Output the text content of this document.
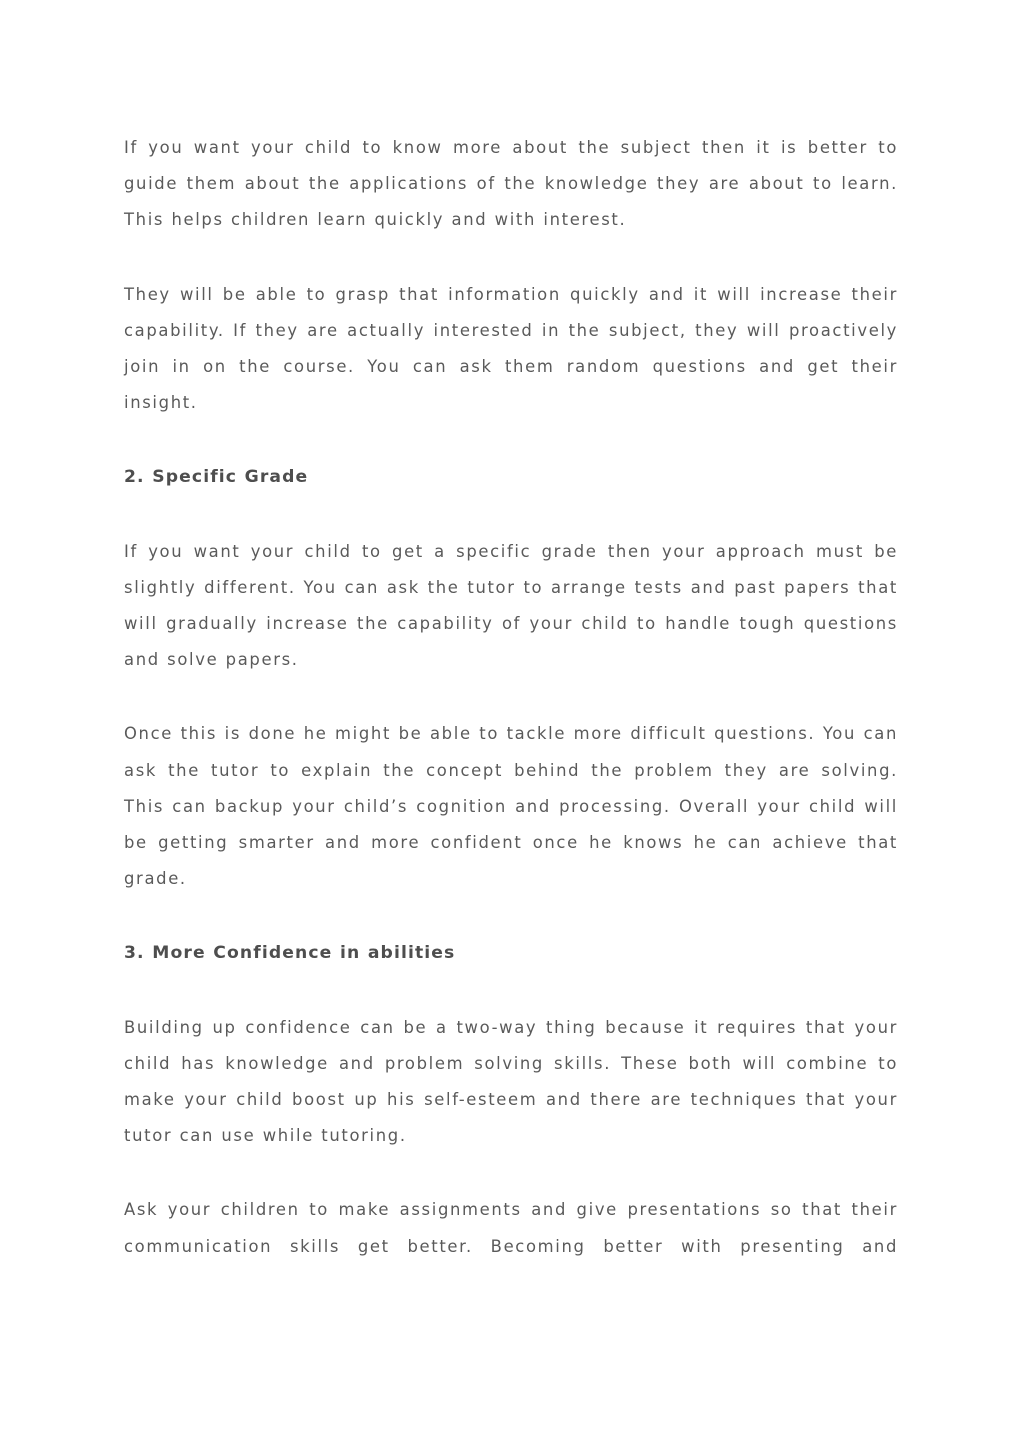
If you want your child to know more about the subject then it is better to guide them about the applications of the knowledge they are about to learn. This helps children learn quickly and with interest.

They will be able to grasp that information quickly and it will increase their capability. If they are actually interested in the subject, they will proactively join in on the course. You can ask them random questions and get their insight.

2. Specific Grade

If you want your child to get a specific grade then your approach must be slightly different. You can ask the tutor to arrange tests and past papers that will gradually increase the capability of your child to handle tough questions and solve papers.

Once this is done he might be able to tackle more difficult questions. You can ask the tutor to explain the concept behind the problem they are solving. This can backup your child’s cognition and processing. Overall your child will be getting smarter and more confident once he knows he can achieve that grade.

3. More Confidence in abilities

Building up confidence can be a two-way thing because it requires that your child has knowledge and problem solving skills. These both will combine to make your child boost up his self-esteem and there are techniques that your tutor can use while tutoring.

Ask your children to make assignments and give presentations so that their communication skills get better. Becoming better with presenting and
